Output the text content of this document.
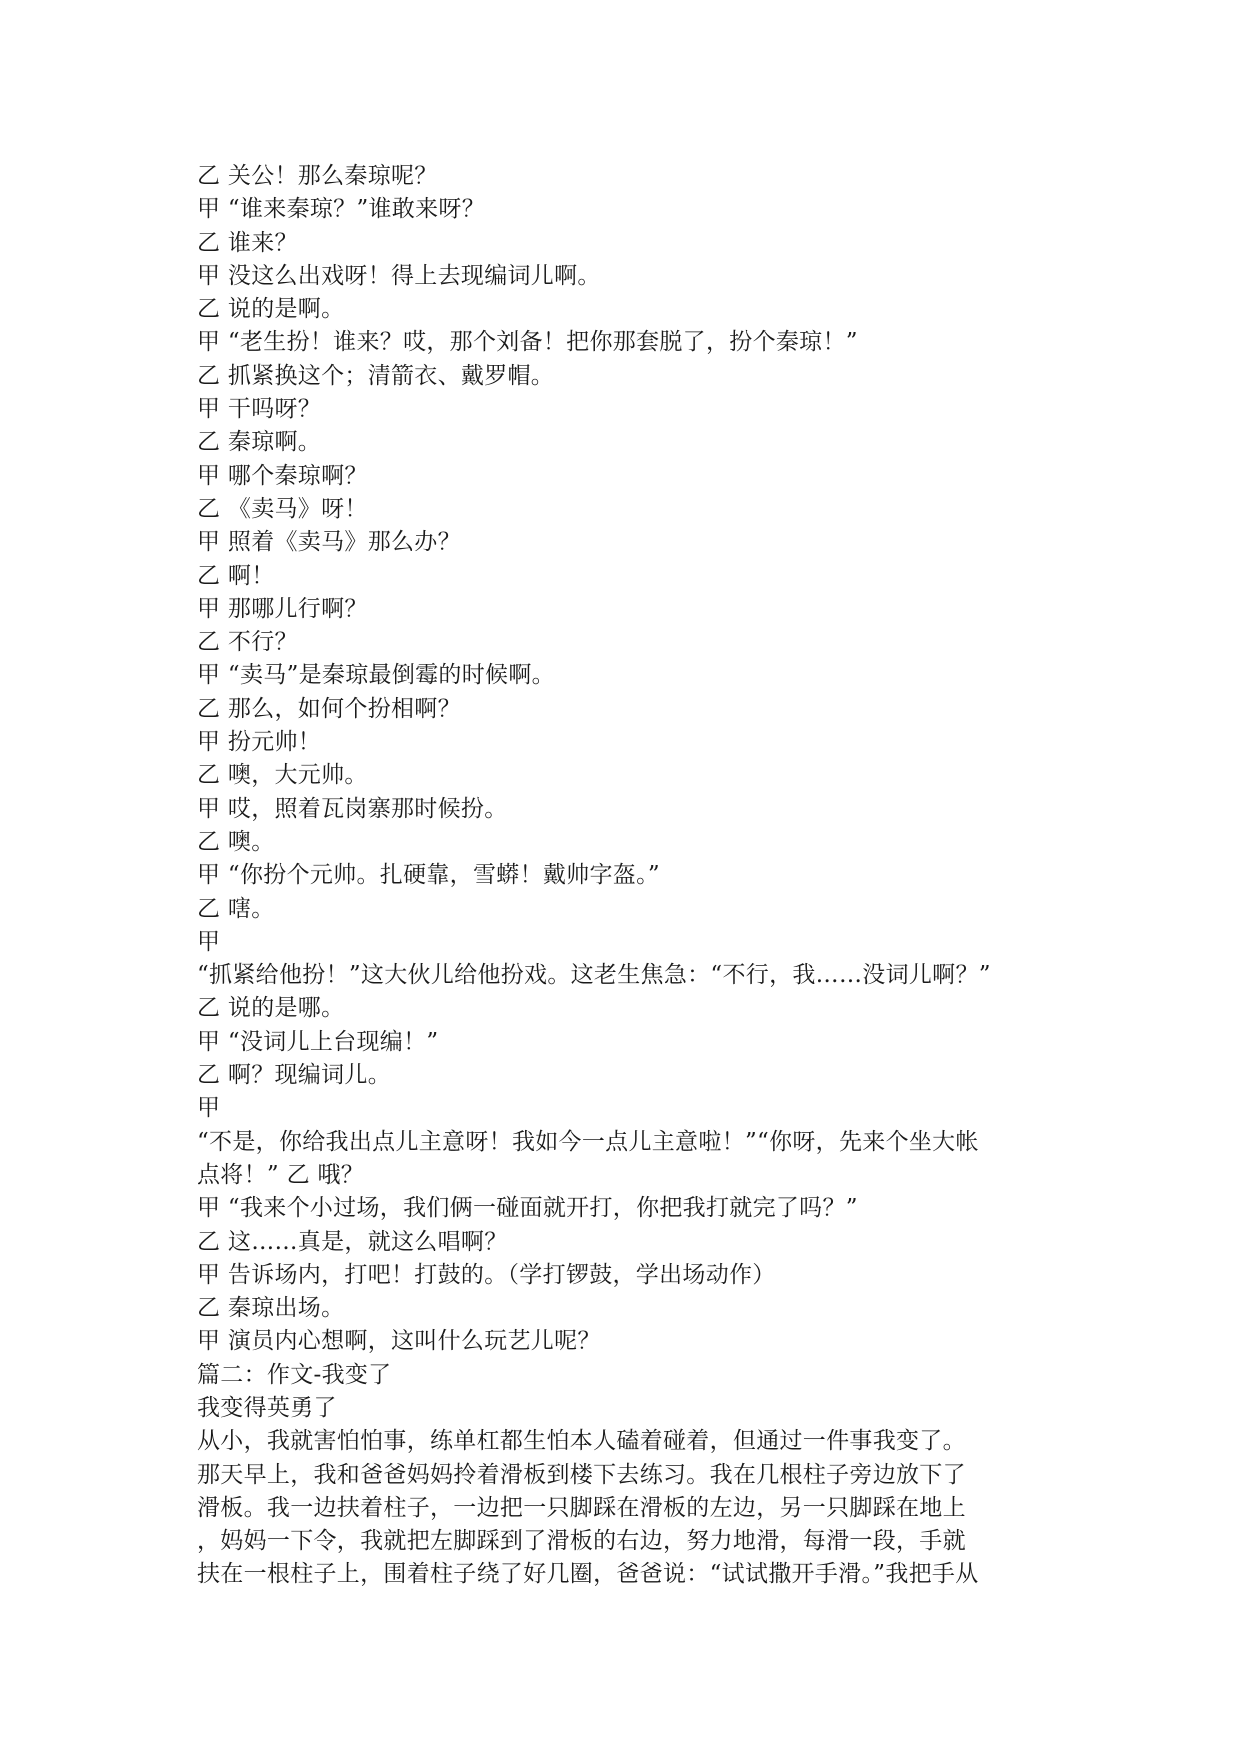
乙 关公！那么秦琼呢？
甲 “谁来秦琼？”谁敢来呀？
乙 谁来？
甲 没这么出戏呀！得上去现编词儿啊。
乙 说的是啊。
甲 “老生扮！谁来？哎，那个刘备！把你那套脱了，扮个秦琼！”
乙 抓紧换这个；清箭衣、戴罗帽。
甲 干吗呀？
乙 秦琼啊。
甲 哪个秦琼啊？
乙 《卖马》呀！
甲 照着《卖马》那么办？
乙 啊！
甲 那哪儿行啊？
乙 不行？
甲 “卖马”是秦琼最倒霉的时候啊。
乙 那么，如何个扮相啊？
甲 扮元帅！
乙 噢，大元帅。
甲 哎，照着瓦岗寨那时候扮。
乙 噢。
甲 “你扮个元帅。扎硬靠，雪蟒！戴帅字盔。”
乙 嗐。
甲
“抓紧给他扮！”这大伙儿给他扮戏。这老生焦急：“不行，我……没词儿啊？”
乙 说的是哪。
甲 “没词儿上台现编！”
乙 啊？现编词儿。
甲
“不是，你给我出点儿主意呀！我如今一点儿主意啦！”“你呀，先来个坐大帐
点将！” 乙 哦？
甲 “我来个小过场，我们俩一碰面就开打，你把我打就完了吗？”
乙 这……真是，就这么唱啊？
甲 告诉场内，打吧！打鼓的。（学打锣鼓，学出场动作）
乙 秦琼出场。
甲 演员内心想啊，这叫什么玩艺儿呢？
篇二：作文-我变了
我变得英勇了
从小，我就害怕怕事，练单杠都生怕本人磕着碰着，但通过一件事我变了。
那天早上，我和爸爸妈妈拎着滑板到楼下去练习。我在几根柱子旁边放下了
滑板。我一边扶着柱子，一边把一只脚踩在滑板的左边，另一只脚踩在地上
，妈妈一下令，我就把左脚踩到了滑板的右边，努力地滑，每滑一段，手就
扶在一根柱子上，围着柱子绕了好几圈，爸爸说：“试试撒开手滑。”我把手从
